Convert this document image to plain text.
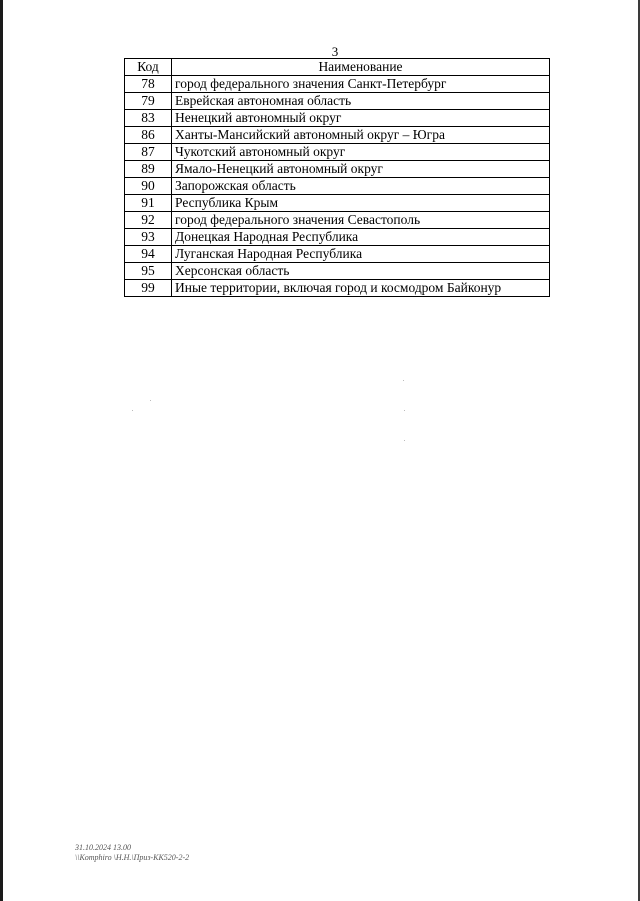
3
Код	Наименование
78	город федерального значения Санкт-Петербург
79	Еврейская автономная область
83	Ненецкий автономный округ
86	Ханты-Мансийский автономный округ – Югра
87	Чукотский автономный округ
89	Ямало-Ненецкий автономный округ
90	Запорожская область
91	Республика Крым
92	город федерального значения Севастополь
93	Донецкая Народная Республика
94	Луганская Народная Республика
95	Херсонская область
99	Иные территории, включая город и космодром Байконур
31.10.2024 13.00
\\Komphiro \Н.Н.\Приз-КК520-2-2
